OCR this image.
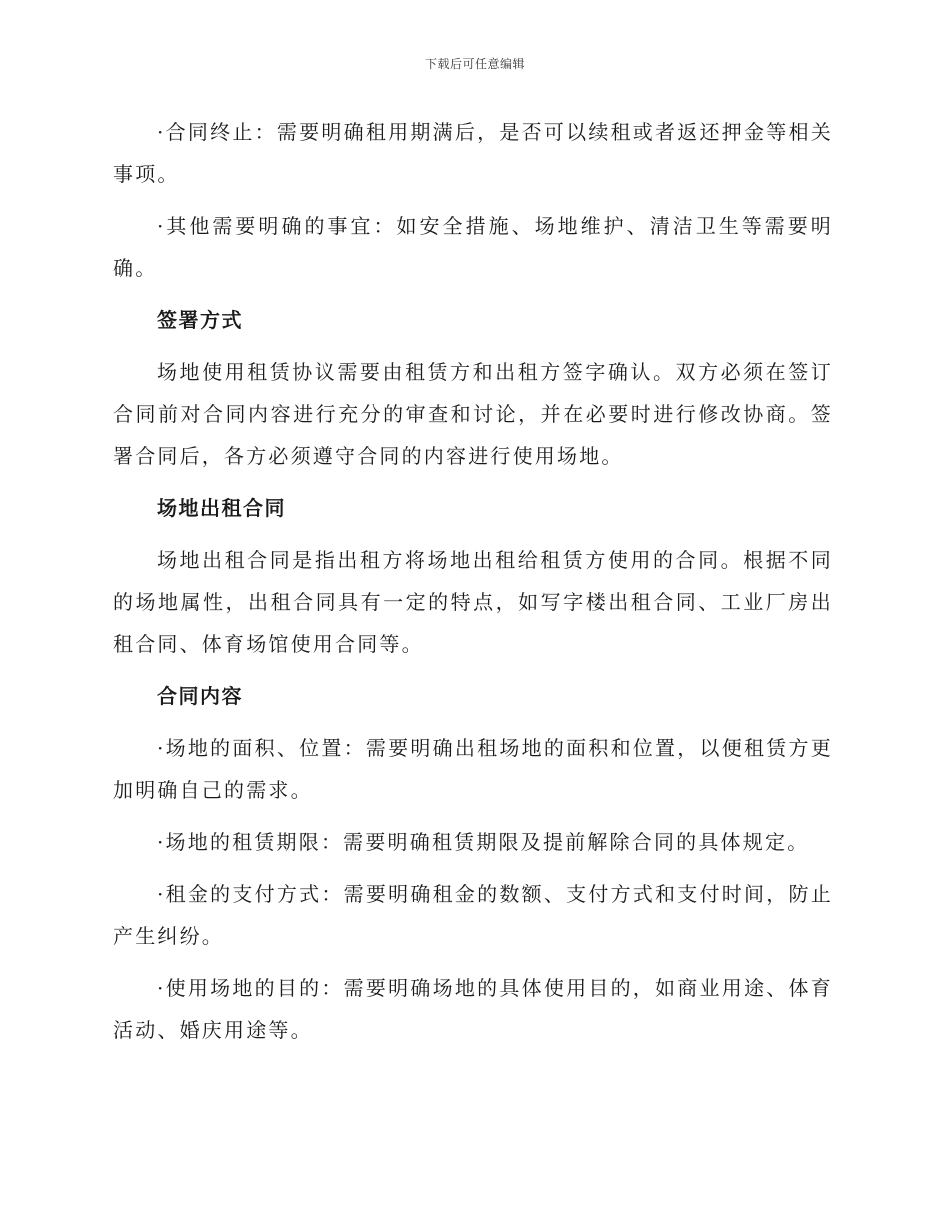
下载后可任意编辑

·合同终止：需要明确租用期满后，是否可以续租或者返还押金等相关事项。

·其他需要明确的事宜：如安全措施、场地维护、清洁卫生等需要明确。

签署方式

场地使用租赁协议需要由租赁方和出租方签字确认。双方必须在签订合同前对合同内容进行充分的审查和讨论，并在必要时进行修改协商。签署合同后，各方必须遵守合同的内容进行使用场地。

场地出租合同

场地出租合同是指出租方将场地出租给租赁方使用的合同。根据不同的场地属性，出租合同具有一定的特点，如写字楼出租合同、工业厂房出租合同、体育场馆使用合同等。

合同内容

·场地的面积、位置：需要明确出租场地的面积和位置，以便租赁方更加明确自己的需求。

·场地的租赁期限：需要明确租赁期限及提前解除合同的具体规定。

·租金的支付方式：需要明确租金的数额、支付方式和支付时间，防止产生纠纷。

·使用场地的目的：需要明确场地的具体使用目的，如商业用途、体育活动、婚庆用途等。
